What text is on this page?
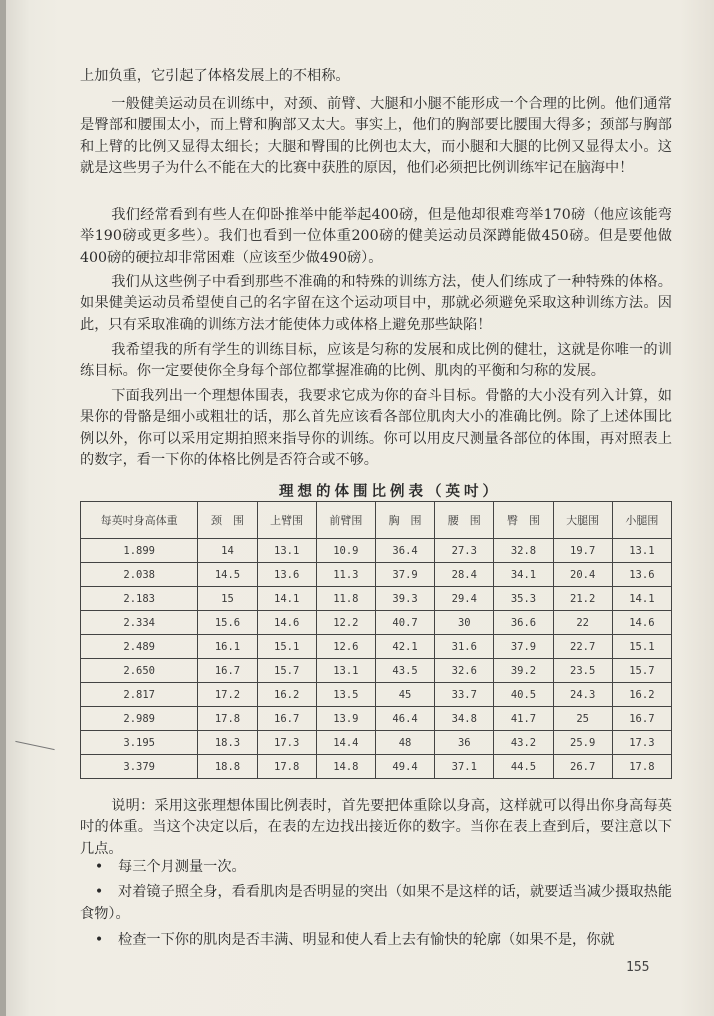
上加负重，它引起了体格发展上的不相称。

一般健美运动员在训练中，对颈、前臂、大腿和小腿不能形成一个合理的比例。他们通常是臀部和腰围太小，而上臂和胸部又太大。事实上，他们的胸部要比腰围大得多；颈部与胸部和上臂的比例又显得太细长；大腿和臀围的比例也太大，而小腿和大腿的比例又显得太小。这就是这些男子为什么不能在大的比赛中获胜的原因，他们必须把比例训练牢记在脑海中！

我们经常看到有些人在仰卧推举中能举起400磅，但是他却很难弯举170磅（他应该能弯举190磅或更多些）。我们也看到一位体重200磅的健美运动员深蹲能做450磅。但是要他做400磅的硬拉却非常困难（应该至少做490磅）。

我们从这些例子中看到那些不准确的和特殊的训练方法，使人们练成了一种特殊的体格。如果健美运动员希望使自己的名字留在这个运动项目中，那就必须避免采取这种训练方法。因此，只有采取准确的训练方法才能使体力或体格上避免那些缺陷！

我希望我的所有学生的训练目标，应该是匀称的发展和成比例的健壮，这就是你唯一的训练目标。你一定要使你全身每个部位都掌握准确的比例、肌肉的平衡和匀称的发展。

下面我列出一个理想体围表，我要求它成为你的奋斗目标。骨骼的大小没有列入计算，如果你的骨骼是细小或粗壮的话，那么首先应该看各部位肌肉大小的准确比例。除了上述体围比例以外，你可以采用定期拍照来指导你的训练。你可以用皮尺测量各部位的体围，再对照表上的数字，看一下你的体格比例是否符合或不够。

理想的体围比例表（英吋）
每英吋身高体重	颈　围	上臂围	前臂围	胸　围	腰　围	臀　围	大腿围	小腿围
1.899	14	13.1	10.9	36.4	27.3	32.8	19.7	13.1
2.038	14.5	13.6	11.3	37.9	28.4	34.1	20.4	13.6
2.183	15	14.1	11.8	39.3	29.4	35.3	21.2	14.1
2.334	15.6	14.6	12.2	40.7	30	36.6	22	14.6
2.489	16.1	15.1	12.6	42.1	31.6	37.9	22.7	15.1
2.650	16.7	15.7	13.1	43.5	32.6	39.2	23.5	15.7
2.817	17.2	16.2	13.5	45	33.7	40.5	24.3	16.2
2.989	17.8	16.7	13.9	46.4	34.8	41.7	25	16.7
3.195	18.3	17.3	14.4	48	36	43.2	25.9	17.3
3.379	18.8	17.8	14.8	49.4	37.1	44.5	26.7	17.8

说明：采用这张理想体围比例表时，首先要把体重除以身高，这样就可以得出你身高每英吋的体重。当这个决定以后，在表的左边找出接近你的数字。当你在表上查到后，要注意以下几点。

• 每三个月测量一次。
• 对着镜子照全身，看看肌肉是否明显的突出（如果不是这样的话，就要适当减少摄取热能食物）。
• 检查一下你的肌肉是否丰满、明显和使人看上去有愉快的轮廓（如果不是，你就
155
